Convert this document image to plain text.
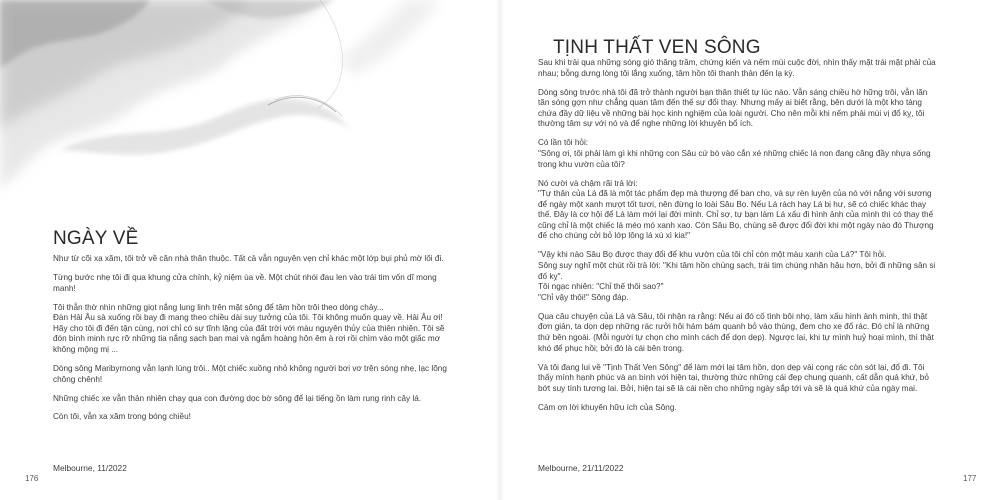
NGÀY VỀ

Như từ cõi xa xăm, tôi trở về căn nhà thân thuộc. Tất cả vẫn nguyên vẹn chỉ khác một lớp bụi phủ mờ lối đi.

Từng bước nhẹ tôi đi qua khung cửa chính, kỷ niệm ùa về. Một chút nhói đau len vào trái tim vốn dĩ mong manh!

Tôi thẫn thờ nhìn những giọt nắng lung linh trên mặt sông để tâm hồn trôi theo dòng chảy...
Đàn Hải Âu sà xuống rồi bay đi mang theo chiều dài suy tưởng của tôi. Tôi không muốn quay về. Hải Âu ơi! Hãy cho tôi đi đến tận cùng, nơi chỉ có sự tĩnh lặng của đất trời với màu nguyên thủy của thiên nhiên. Tôi sẽ đón bình minh rực rỡ những tia nắng sạch ban mai và ngắm hoàng hôn êm à rơi rồi chìm vào một giấc mơ không mộng mị ...

Dòng sông Maribyrnong vẫn lạnh lùng trôi.. Một chiếc xuồng nhỏ không người bơi vơ trên sóng nhẹ, lạc lõng chông chênh!

Những chiếc xe vẫn thản nhiên chạy qua con đường dọc bờ sông để lại tiếng ồn làm rung rinh cây lá.

Còn tôi, vẫn xa xăm trong bóng chiều!

Melbourne, 11/2022
176
TỊNH THẤT VEN SÔNG

Sau khi trải qua những sóng gió thăng trầm, chứng kiến và nếm mùi cuộc đời, nhìn thấy mặt trái mặt phải của nhau; bỗng dưng lòng tôi lắng xuống, tâm hồn tôi thanh thản đến lạ kỳ.

Dòng sông trước nhà tôi đã trở thành người bạn thân thiết tự lúc nào. Vẫn sáng chiều hờ hững trôi, vẫn lăn tăn sóng gợn như chẳng quan tâm đến thế sự đổi thay. Nhưng mấy ai biết rằng, bên dưới là một kho tàng chứa đầy dữ liệu về những bài học kinh nghiệm của loài người. Cho nên mỗi khi nếm phải mùi vị đổ kỵ, tôi thường tâm sự với nó và để nghe những lời khuyên bổ ích.

Có lần tôi hỏi:
"Sông ơi, tôi phải làm gì khi những con Sâu cứ bò vào cắn xé những chiếc lá non đang căng đầy nhựa sống trong khu vườn của tôi?

Nó cười và chậm rãi trả lời:
"Tự thân của Lá đã là một tác phẩm đẹp mà thượng đế ban cho, và sự rèn luyện của nó với nắng với sương để ngày một xanh mượt tốt tươi, nên đừng lo loài Sâu Bọ. Nếu Lá rách hay Lá bị hư, sẽ có chiếc khác thay thế. Đây là cơ hội để Lá làm mới lại đời mình. Chỉ sợ, tự bạn làm Lá xấu đi hình ảnh của mình thì có thay thế cũng chỉ là một chiếc lá méo mó xanh xao. Còn Sâu Bọ, chúng sẽ được đổi đời khi một ngày nào đó Thượng đế cho chúng cởi bỏ lớp lông lá xù xì kia!"

"Vậy khi nào Sâu Bọ được thay đổi để khu vườn của tôi chỉ còn một màu xanh của Lá?" Tôi hỏi.
Sông suy nghĩ một chút rồi trả lời: "Khi tâm hồn chúng sạch, trái tim chúng nhân hậu hơn, bởi đi những sân si đố kỵ".
Tôi ngạc nhiên: "Chỉ thế thôi sao?"
"Chỉ vậy thôi!" Sông đáp.

Qua câu chuyện của Lá và Sâu, tôi nhận ra rằng: Nếu ai đó cố tình bôi nhọ, làm xấu hình ảnh mình, thì thật đơn giản, ta dọn dẹp những rác rưởi hôi hám bám quanh bỏ vào thùng, đem cho xe đổ rác. Đó chỉ là những thứ bên ngoài. (Mỗi người tự chọn cho mình cách để dọn dẹp). Ngược lại, khi tự mình huỷ hoại mình, thì thật khó để phục hồi; bởi đó là cái bên trong.

Và tôi đang lui về "Tịnh Thất Ven Sông" để làm mới lại tâm hồn, dọn dẹp vài cọng rác còn sót lại, đổ đi. Tôi thấy mình hạnh phúc và an bình với hiện tại, thường thức những cái đẹp chung quanh, cất dẫn quá khứ, bỏ bớt suy tính tương lai. Bởi, hiện tại sẽ là cái nền cho những ngày sắp tới và sẽ là quá khứ của ngày mai.

Cảm ơn lời khuyên hữu ích của Sông.

Melbourne, 21/11/2022
177
